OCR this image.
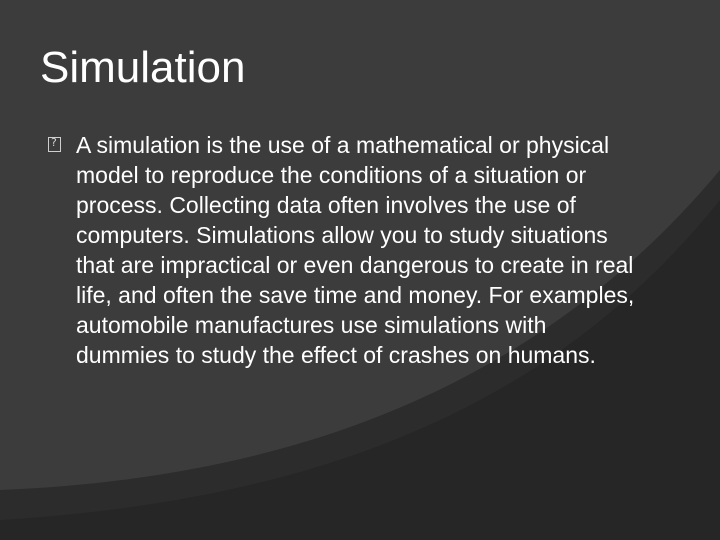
Simulation
?

A simulation is the use of a mathematical or physical model to reproduce the conditions of a situation or process. Collecting data often involves the use of computers. Simulations allow you to study situations that are impractical or even dangerous to create in real life, and often the save time and money. For examples, automobile manufactures use simulations with dummies to study the effect of crashes on humans.
